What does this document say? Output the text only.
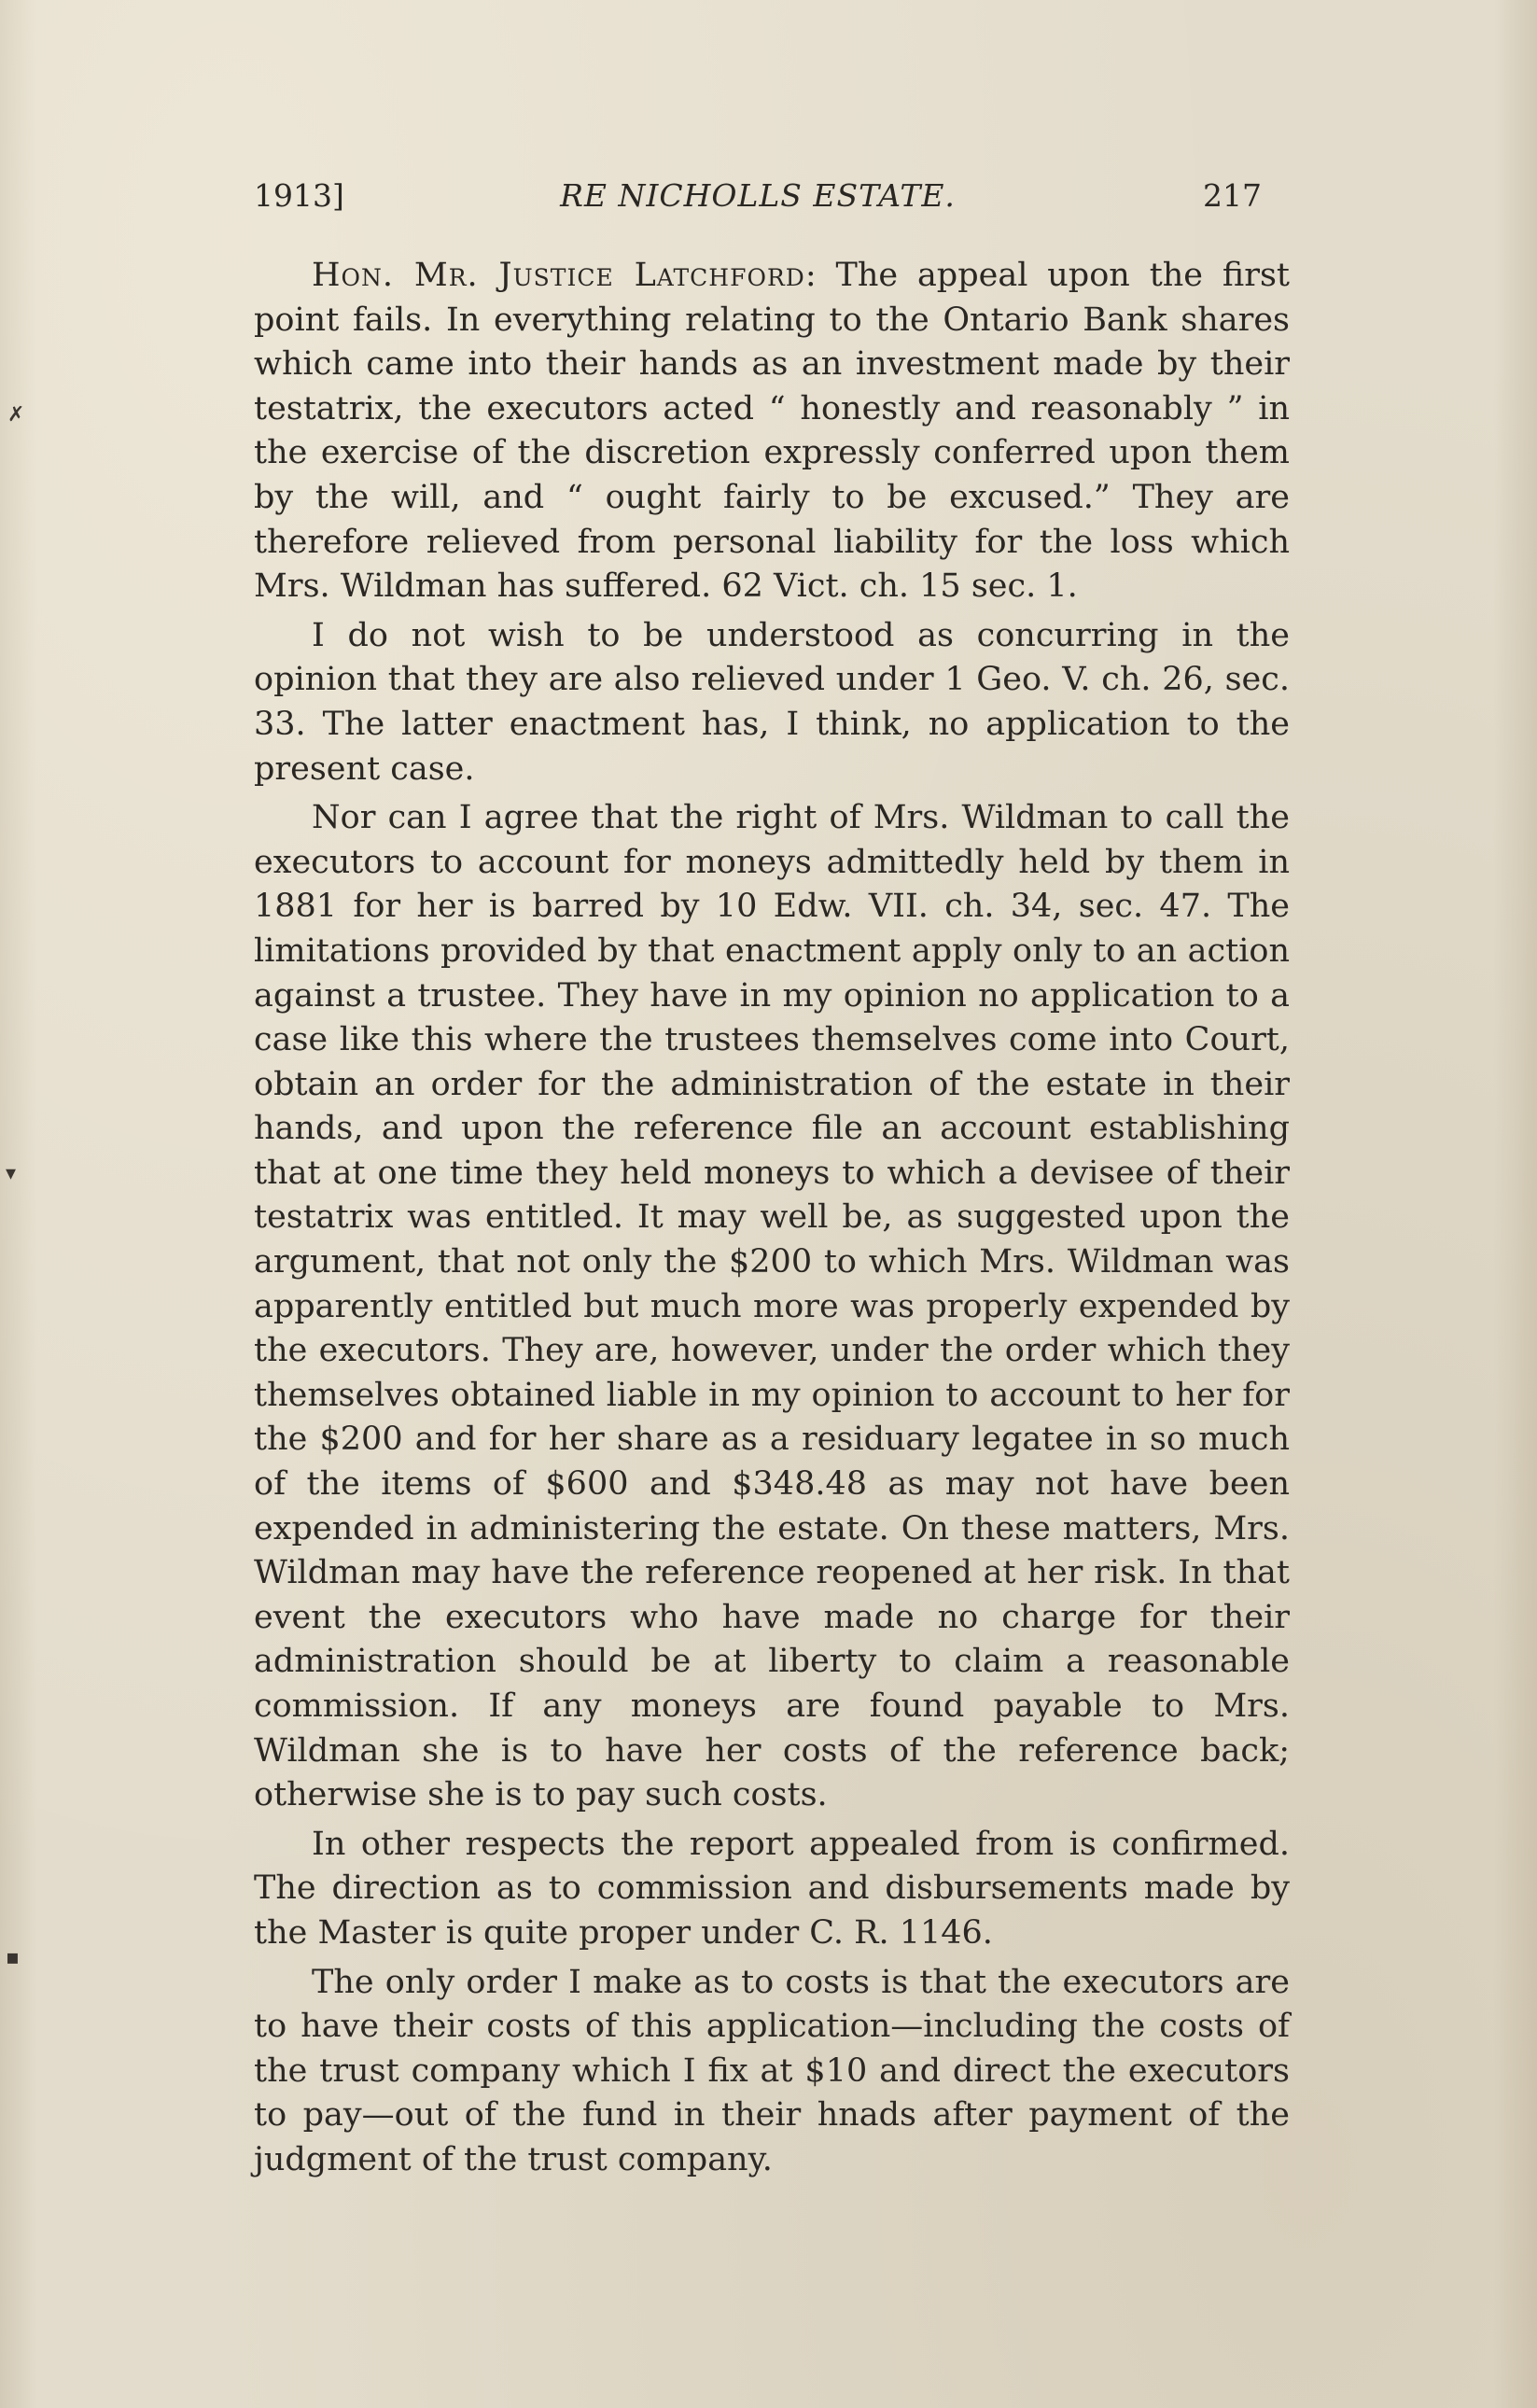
1913]	RE NICHOLLS ESTATE.	217

Hon. Mr. Justice Latchford: The appeal upon the first point fails. In everything relating to the Ontario Bank shares which came into their hands as an investment made by their testatrix, the executors acted “ honestly and reasonably ” in the exercise of the discretion expressly conferred upon them by the will, and “ ought fairly to be excused.” They are therefore relieved from personal liability for the loss which Mrs. Wildman has suffered. 62 Vict. ch. 15 sec. 1.

I do not wish to be understood as concurring in the opinion that they are also relieved under 1 Geo. V. ch. 26, sec. 33. The latter enactment has, I think, no application to the present case.

Nor can I agree that the right of Mrs. Wildman to call the executors to account for moneys admittedly held by them in 1881 for her is barred by 10 Edw. VII. ch. 34, sec. 47. The limitations provided by that enactment apply only to an action against a trustee. They have in my opinion no application to a case like this where the trustees themselves come into Court, obtain an order for the administration of the estate in their hands, and upon the reference file an account establishing that at one time they held moneys to which a devisee of their testatrix was entitled. It may well be, as suggested upon the argument, that not only the $200 to which Mrs. Wildman was apparently entitled but much more was properly expended by the executors. They are, however, under the order which they themselves obtained liable in my opinion to account to her for the $200 and for her share as a residuary legatee in so much of the items of $600 and $348.48 as may not have been expended in administering the estate. On these matters, Mrs. Wildman may have the reference reopened at her risk. In that event the executors who have made no charge for their administration should be at liberty to claim a reasonable commission. If any moneys are found payable to Mrs. Wildman she is to have her costs of the reference back; otherwise she is to pay such costs.

In other respects the report appealed from is confirmed. The direction as to commission and disbursements made by the Master is quite proper under C. R. 1146.

The only order I make as to costs is that the executors are to have their costs of this application—including the costs of the trust company which I fix at $10 and direct the executors to pay—out of the fund in their hnads after payment of the judgment of the trust company.

✗
▾
▪
